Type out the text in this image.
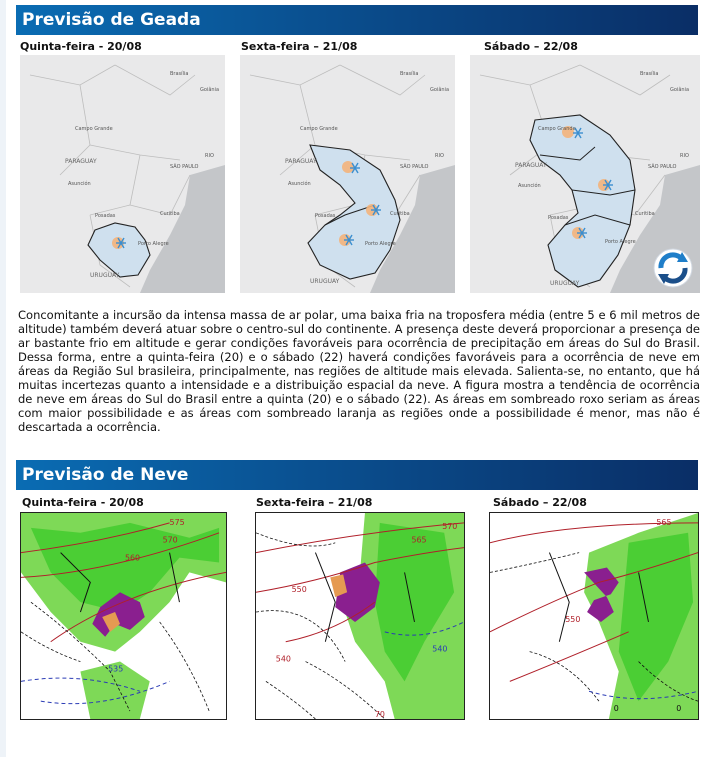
Previsão de Geada
Quinta-feira - 20/08	Sexta-feira – 21/08	Sábado – 22/08
Brasília
Goiânia
Campo Grande
PARAGUAY
SÃO PAULO
RIO
Asunción
Curitiba
Posadas
Porto Alegre
URUGUAY
Brasília
Goiânia
Campo Grande
PARAGUAY
SÃO PAULO
RIO
Asunción
Curitiba
Posadas
Porto Alegre
URUGUAY
Brasília
Goiânia
Campo Grande
PARAGUAY	SÃO PAULO
RIO
Asunción
Curitiba
Posadas
Porto Alegre
URUGUAY

Concomitante a incursão da intensa massa de ar polar, uma baixa fria na troposfera média (entre 5 e 6 mil metros de altitude) também deverá atuar sobre o centro-sul do continente. A presença deste deverá proporcionar a presença de ar bastante frio em altitude e gerar condições favoráveis para ocorrência de precipitação em áreas do Sul do Brasil. Dessa forma, entre a quinta-feira (20) e o sábado (22) haverá condições favoráveis para a ocorrência de neve em áreas da Região Sul brasileira, principalmente, nas regiões de altitude mais elevada. Salienta-se, no entanto, que há muitas incertezas quanto a intensidade e a distribuição espacial da neve. A figura mostra a tendência de ocorrência de neve em áreas do Sul do Brasil entre a quinta (20) e o sábado (22). As áreas em sombreado roxo seriam as áreas com maior possibilidade e as áreas com sombreado laranja as regiões onde a possibilidade é menor, mas não é descartada a ocorrência.

Previsão de Neve
Quinta-feira - 20/08	Sexta-feira – 21/08	Sábado – 22/08
575
570
560
535
570
565
550
540
540
70
565
550
0	0
